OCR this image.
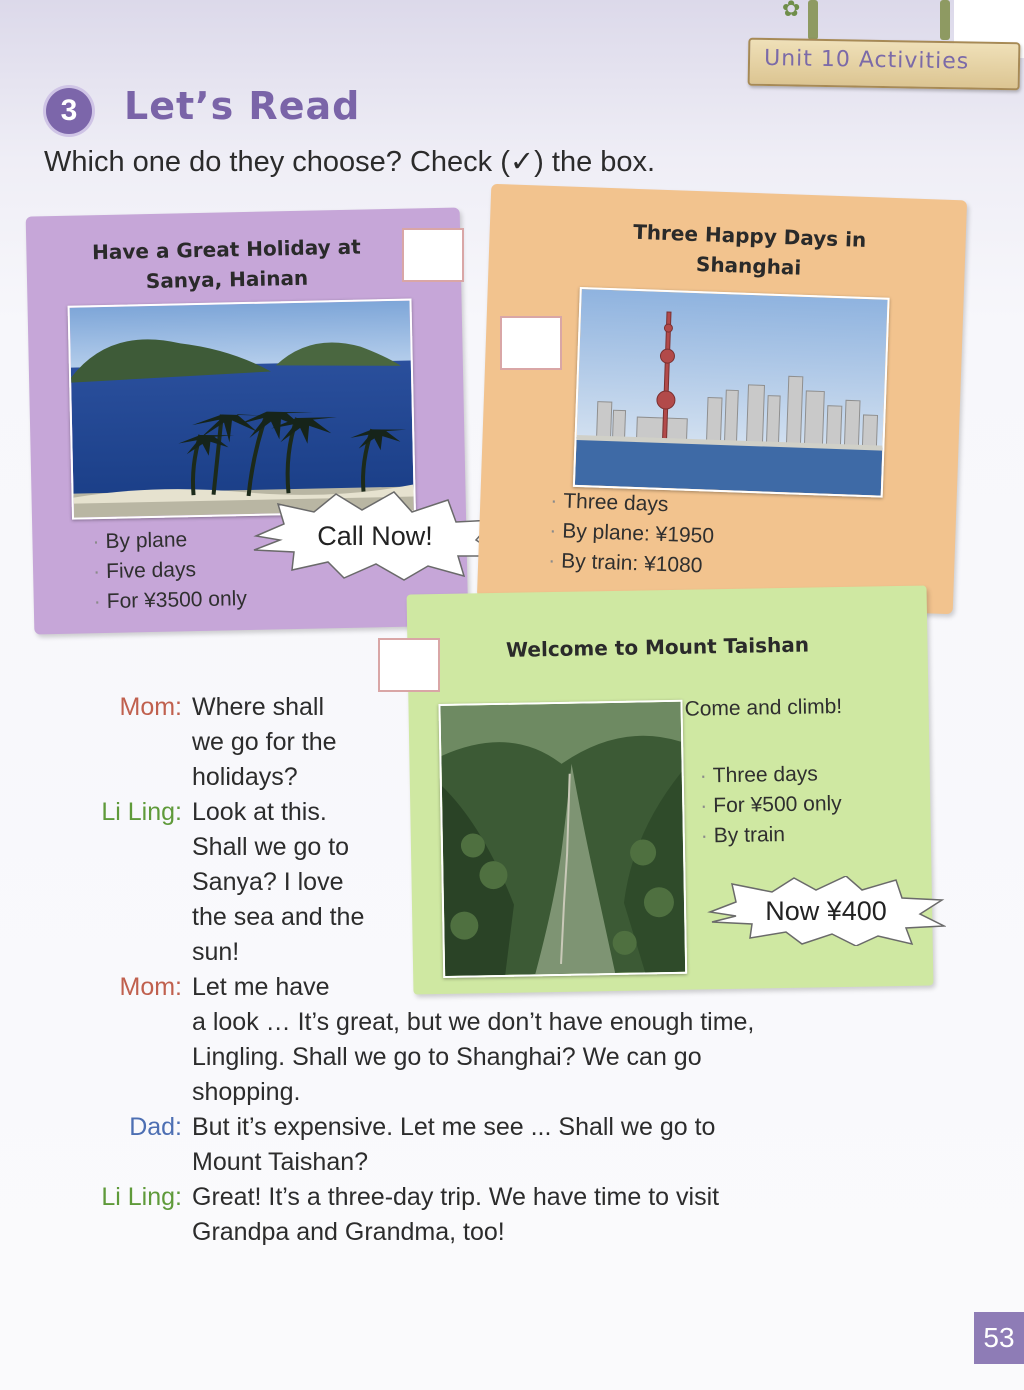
✿
Unit 10 Activities
3	Let’s Read
Which one do they choose? Check (✓) the box.
Have a Great Holiday at
Sanya, Hainan
· By plane
· Five days
· For ¥3500 only
Call Now!
Three Happy Days in
Shanghai
· Three days
· By plane: ¥1950
· By train: ¥1080
Welcome to Mount Taishan
Come and climb!
· Three days
· For ¥500 only
· By train
Now ¥400
Mom: Where shall
we go for the
holidays?
Li Ling: Look at this.
Shall we go to
Sanya? I love
the sea and the
sun!
Mom: Let me have
a look … It’s great, but we don’t have enough time,
Lingling. Shall we go to Shanghai? We can go
shopping.
Dad: But it’s expensive. Let me see ... Shall we go to
Mount Taishan?
Li Ling: Great! It’s a three-day trip. We have time to visit
Grandpa and Grandma, too!
53
